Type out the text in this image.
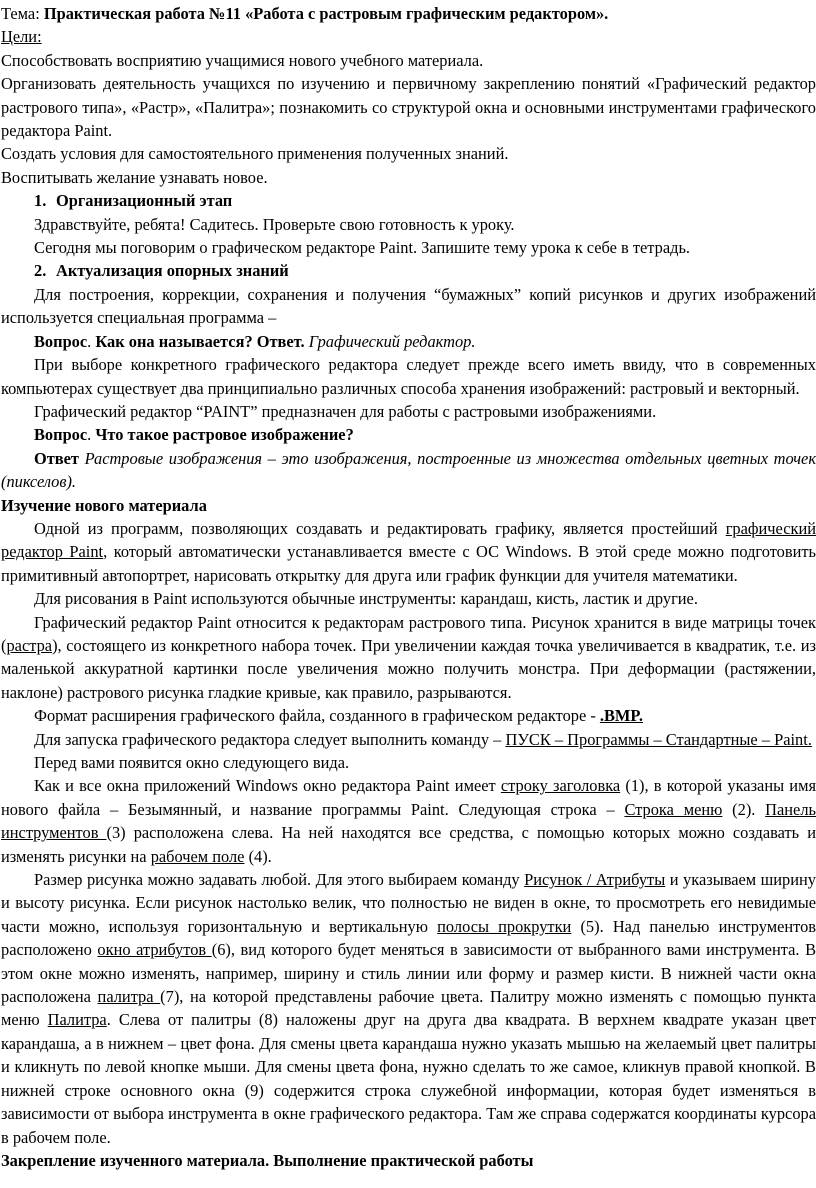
Тема: Практическая работа №11 «Работа с растровым графическим редактором».

Цели:

Способствовать восприятию учащимися нового учебного материала.

Организовать деятельность учащихся по изучению и первичному закреплению понятий «Графический редактор растрового типа», «Растр», «Палитра»; познакомить со структурой окна и основными инструментами графического редактора Paint.

Создать условия для самостоятельного применения полученных знаний.

Воспитывать желание узнавать новое.

1. Организационный этап

Здравствуйте, ребята! Садитесь. Проверьте свою готовность к уроку.

Сегодня мы поговорим о графическом редакторе Paint. Запишите тему урока к себе в тетрадь.

2. Актуализация опорных знаний

Для построения, коррекции, сохранения и получения “бумажных” копий рисунков и других изображений используется специальная программа –

Вопрос. Как она называется? Ответ. Графический редактор.

При выборе конкретного графического редактора следует прежде всего иметь ввиду, что в современных компьютерах существует два принципиально различных способа хранения изображений: растровый и векторный.

Графический редактор “PAINT” предназначен для работы с растровыми изображениями.

Вопрос. Что такое растровое изображение?

Ответ Растровые изображения – это изображения, построенные из множества отдельных цветных точек (пикселов).

Изучение нового материала

Одной из программ, позволяющих создавать и редактировать графику, является простейший графический редактор Paint, который автоматически устанавливается вместе с ОС Windows. В этой среде можно подготовить примитивный автопортрет, нарисовать открытку для друга или график функции для учителя математики.

Для рисования в Paint используются обычные инструменты: карандаш, кисть, ластик и другие.

Графический редактор Paint относится к редакторам растрового типа. Рисунок хранится в виде матрицы точек (растра), состоящего из конкретного набора точек. При увеличении каждая точка увеличивается в квадратик, т.е. из маленькой аккуратной картинки после увеличения можно получить монстра. При деформации (растяжении, наклоне) растрового рисунка гладкие кривые, как правило, разрываются.

Формат расширения графического файла, созданного в графическом редакторе - .BMP.

Для запуска графического редактора следует выполнить команду – ПУСК – Программы – Стандартные – Paint.

Перед вами появится окно следующего вида.

Как и все окна приложений Windows окно редактора Paint имеет строку заголовка (1), в которой указаны имя нового файла – Безымянный, и название программы Paint. Следующая строка – Строка меню (2). Панель инструментов (3) расположена слева. На ней находятся все средства, с помощью которых можно создавать и изменять рисунки на рабочем поле (4).

Размер рисунка можно задавать любой. Для этого выбираем команду Рисунок / Атрибуты и указываем ширину и высоту рисунка. Если рисунок настолько велик, что полностью не виден в окне, то просмотреть его невидимые части можно, используя горизонтальную и вертикальную полосы прокрутки (5). Над панелью инструментов расположено окно атрибутов (6), вид которого будет меняться в зависимости от выбранного вами инструмента. В этом окне можно изменять, например, ширину и стиль линии или форму и размер кисти. В нижней части окна расположена палитра (7), на которой представлены рабочие цвета. Палитру можно изменять с помощью пункта меню Палитра. Слева от палитры (8) наложены друг на друга два квадрата. В верхнем квадрате указан цвет карандаша, а в нижнем – цвет фона. Для смены цвета карандаша нужно указать мышью на желаемый цвет палитры и кликнуть по левой кнопке мыши. Для смены цвета фона, нужно сделать то же самое, кликнув правой кнопкой. В нижней строке основного окна (9) содержится строка служебной информации, которая будет изменяться в зависимости от выбора инструмента в окне графического редактора. Там же справа содержатся координаты курсора в рабочем поле.

Закрепление изученного материала. Выполнение практической работы
